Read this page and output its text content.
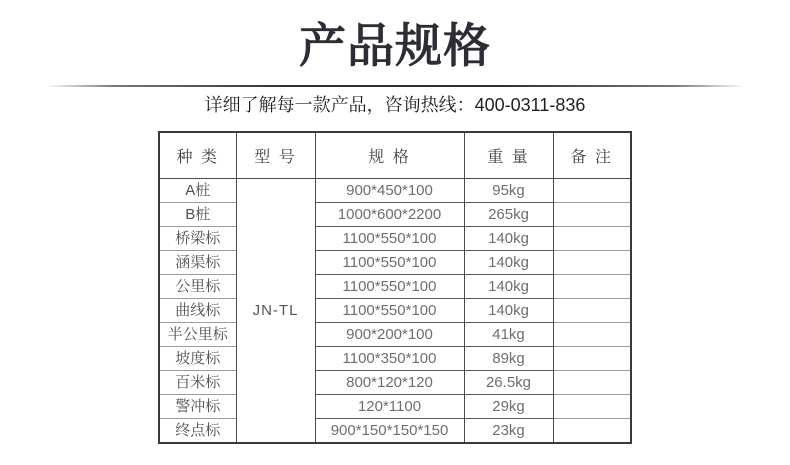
产品规格

详细了解每一款产品，咨询热线：400-0311-836

种 类	型 号	规 格	重 量	备 注
A桩	JN-TL	900*450*100	95kg	
B桩		1000*600*2200	265kg	
桥梁标		1100*550*100	140kg	
涵渠标		1100*550*100	140kg	
公里标		1100*550*100	140kg	
曲线标		1100*550*100	140kg	
半公里标		900*200*100	41kg	
坡度标		1100*350*100	89kg	
百米标		800*120*120	26.5kg	
警冲标		120*1100	29kg	
终点标		900*150*150*150	23kg	
